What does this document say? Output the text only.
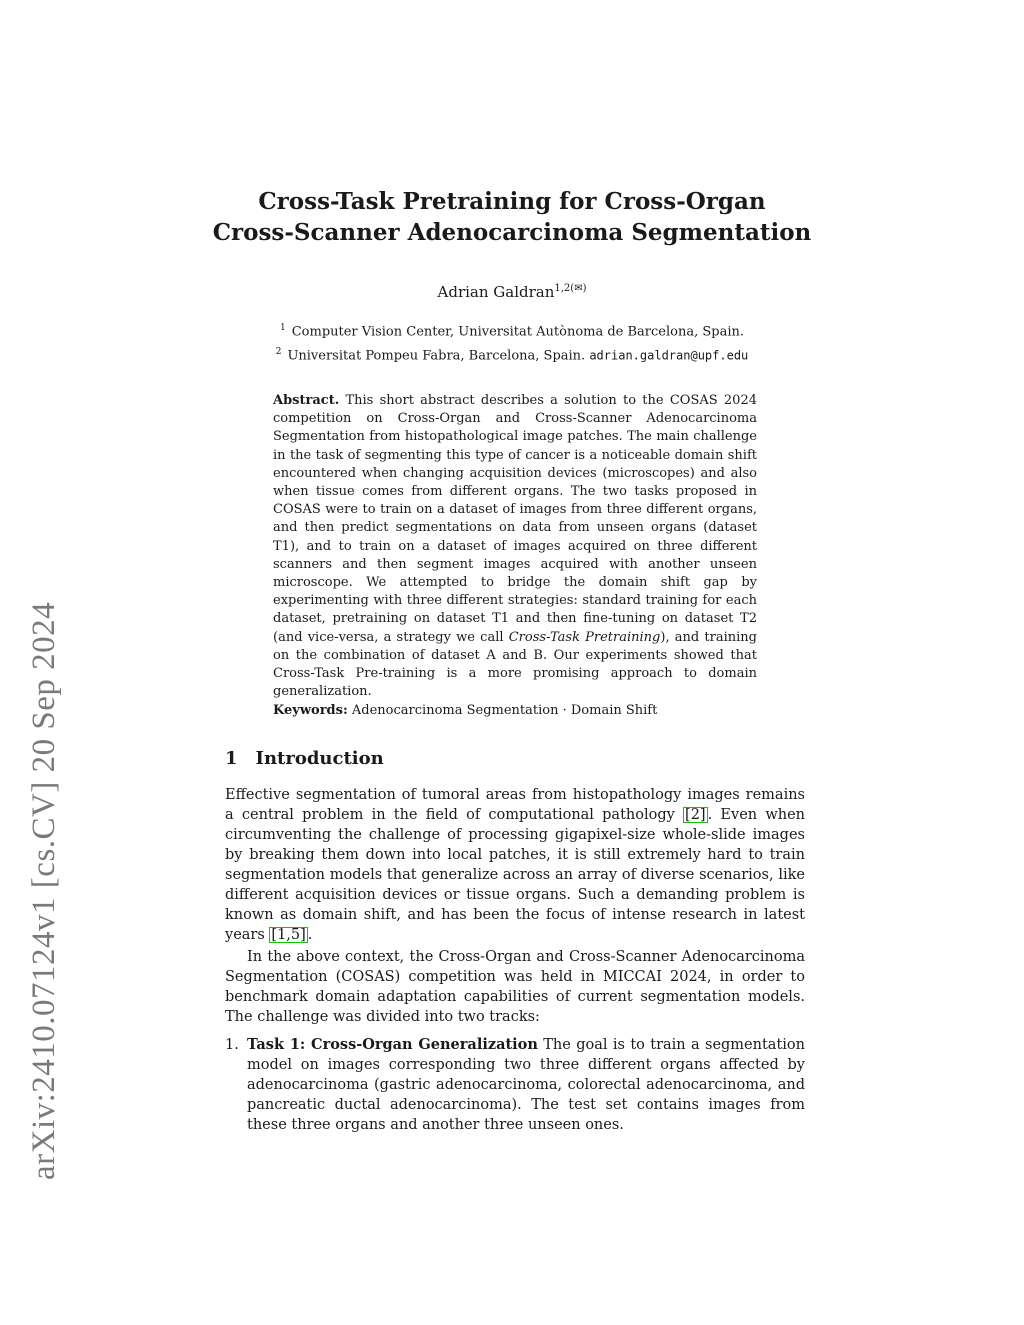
arXiv:2410.07124v1 [cs.CV] 20 Sep 2024
Cross-Task Pretraining for Cross-Organ
Cross-Scanner Adenocarcinoma Segmentation
Adrian Galdran$^{1,2(✉)}$
$^1$ Computer Vision Center, Universitat Autònoma de Barcelona, Spain.
$^2$ Universitat Pompeu Fabra, Barcelona, Spain. adrian.galdran@upf.edu
Abstract. This short abstract describes a solution to the COSAS 2024 competition on Cross-Organ and Cross-Scanner Adenocarcinoma Segmentation from histopathological image patches. The main challenge in the task of segmenting this type of cancer is a noticeable domain shift encountered when changing acquisition devices (microscopes) and also when tissue comes from different organs. The two tasks proposed in COSAS were to train on a dataset of images from three different organs, and then predict segmentations on data from unseen organs (dataset T1), and to train on a dataset of images acquired on three different scanners and then segment images acquired with another unseen microscope. We attempted to bridge the domain shift gap by experimenting with three different strategies: standard training for each dataset, pretraining on dataset T1 and then fine-tuning on dataset T2 (and vice-versa, a strategy we call Cross-Task Pretraining), and training on the combination of dataset A and B. Our experiments showed that Cross-Task Pre-training is a more promising approach to domain generalization.
Keywords: Adenocarcinoma Segmentation · Domain Shift
1 Introduction

Effective segmentation of tumoral areas from histopathology images remains a central problem in the field of computational pathology [2] . Even when circumventing the challenge of processing gigapixel-size whole-slide images by breaking them down into local patches, it is still extremely hard to train segmentation models that generalize across an array of diverse scenarios, like different acquisition devices or tissue organs. Such a demanding problem is known as domain shift, and has been the focus of intense research in latest years [1,5] .

In the above context, the Cross-Organ and Cross-Scanner Adenocarcinoma Segmentation (COSAS) competition was held in MICCAI 2024, in order to benchmark domain adaptation capabilities of current segmentation models. The challenge was divided into two tracks:

1. Task 1: Cross-Organ Generalization The goal is to train a segmentation model on images corresponding two three different organs affected by adenocarcinoma (gastric adenocarcinoma, colorectal adenocarcinoma, and pancreatic ductal adenocarcinoma). The test set contains images from these three organs and another three unseen ones.
